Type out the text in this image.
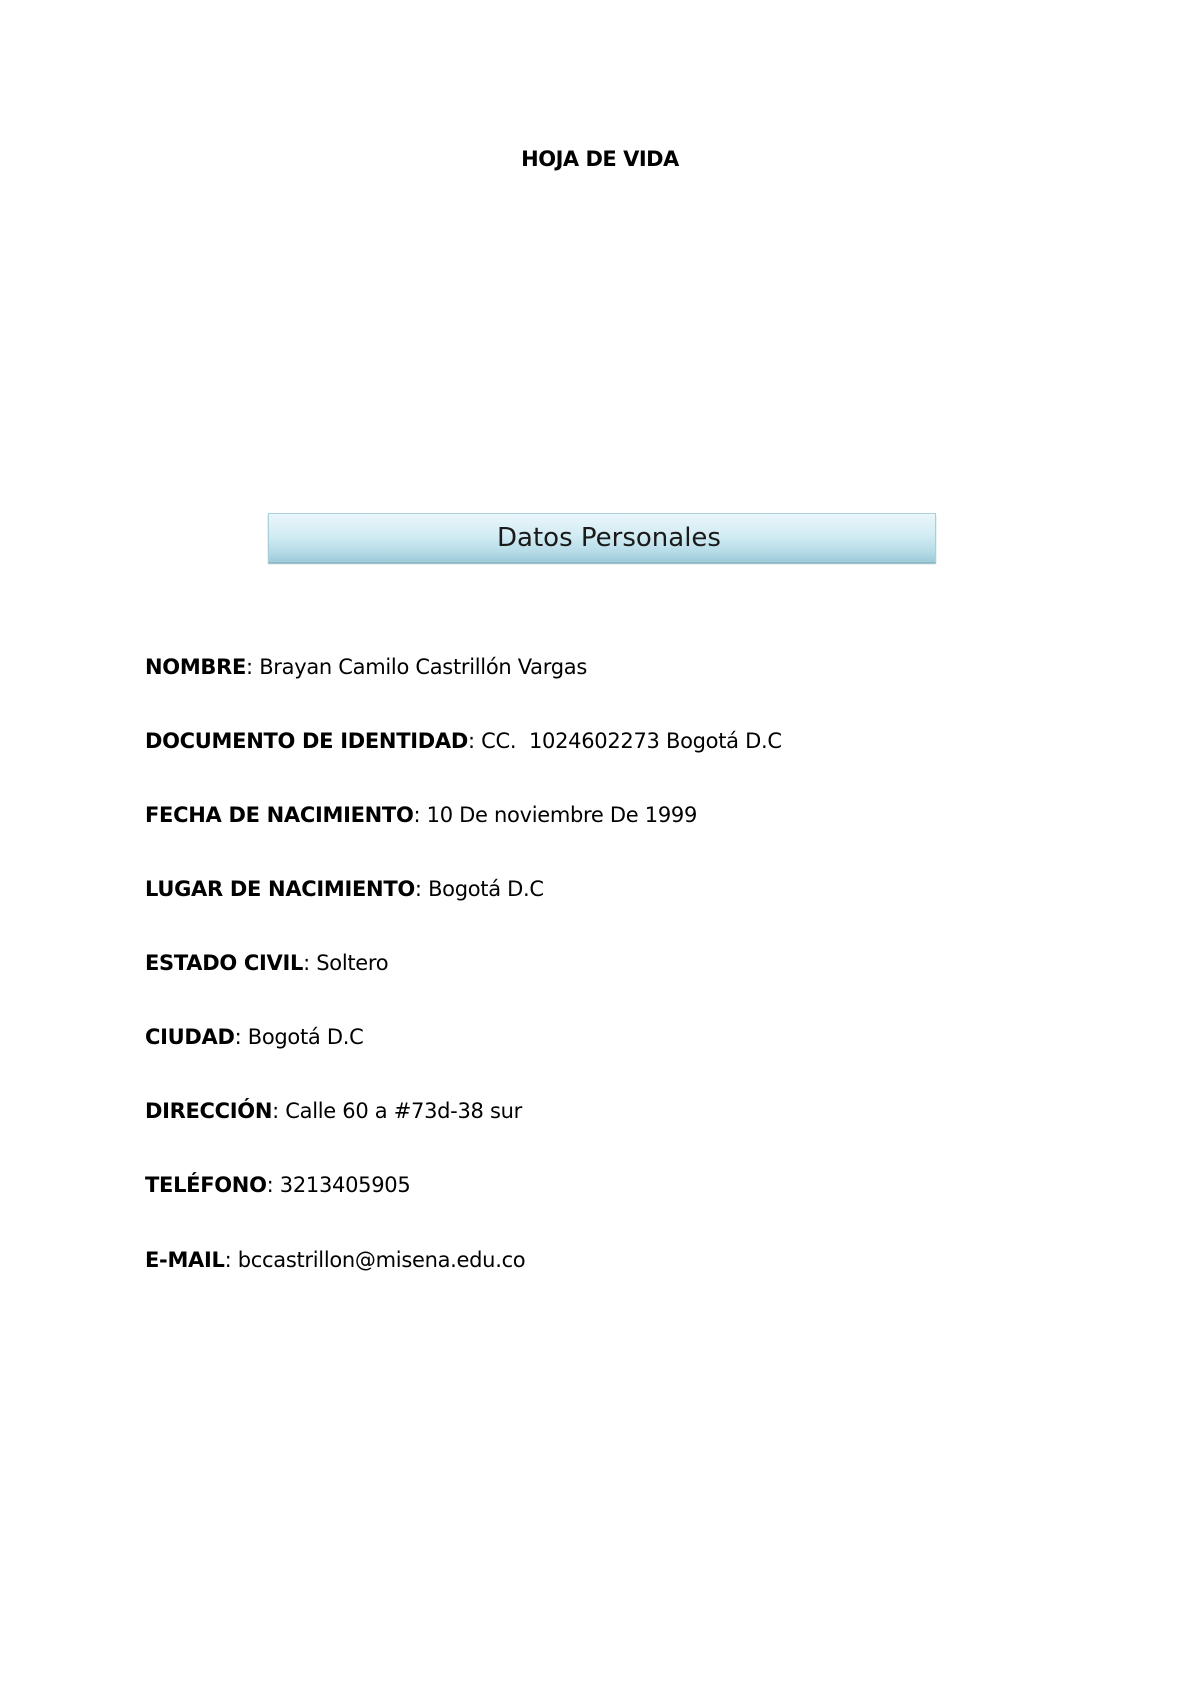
HOJA DE VIDA
Datos Personales
NOMBRE: Brayan Camilo Castrillón Vargas
DOCUMENTO DE IDENTIDAD: CC.  1024602273 Bogotá D.C
FECHA DE NACIMIENTO: 10 De noviembre De 1999
LUGAR DE NACIMIENTO: Bogotá D.C
ESTADO CIVIL: Soltero
CIUDAD: Bogotá D.C
DIRECCIÓN: Calle 60 a #73d-38 sur
TELÉFONO: 3213405905
E-MAIL: bccastrillon@misena.edu.co
